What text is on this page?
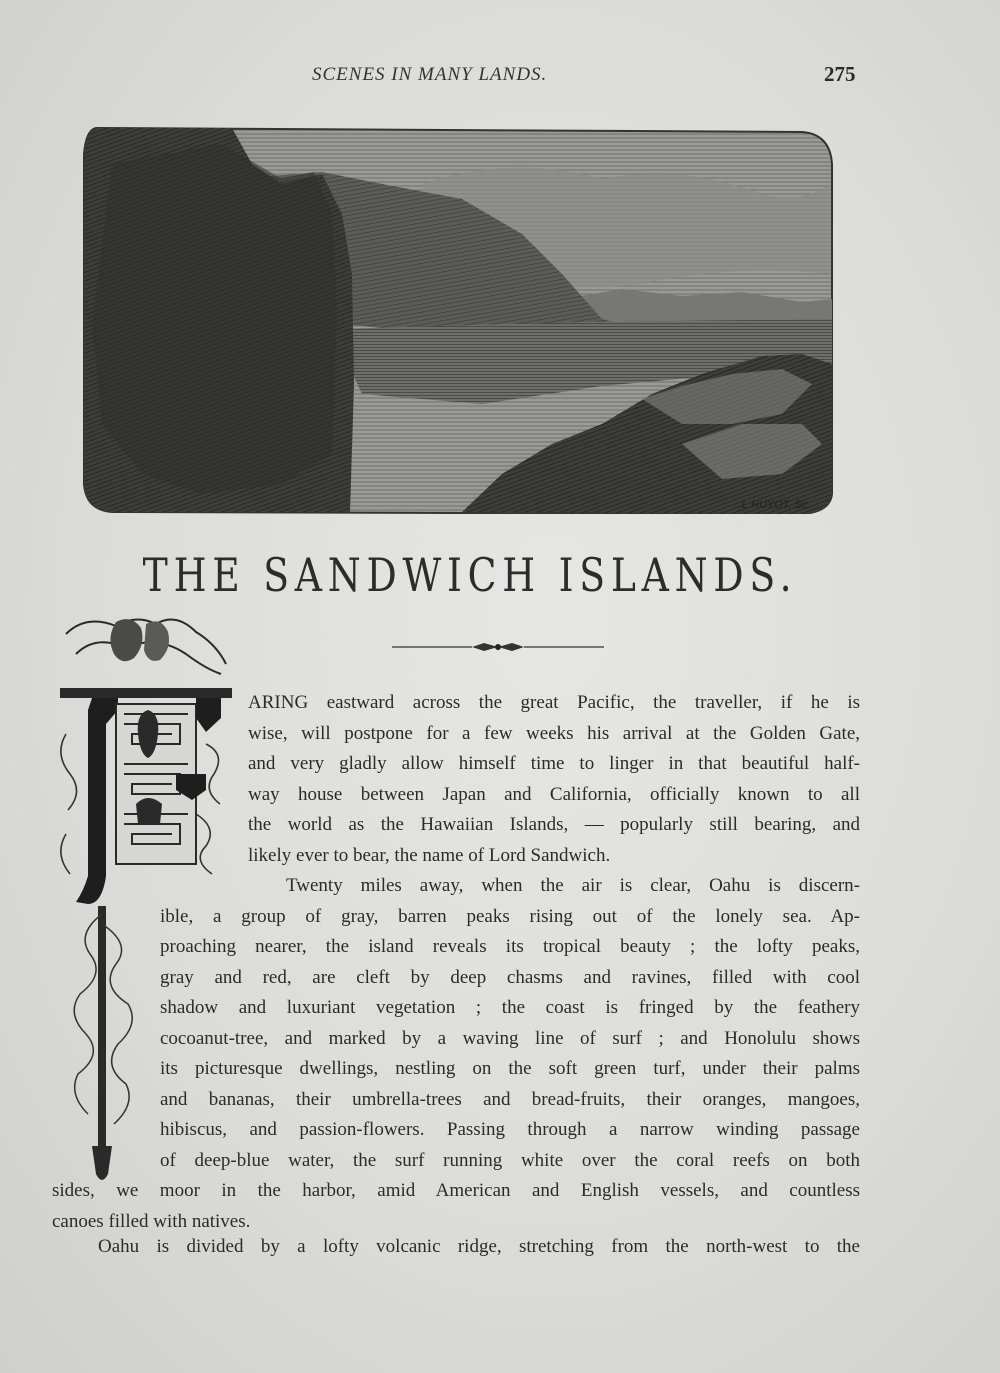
SCENES IN MANY LANDS.	275
L.HUYOT. Sc.
THE SANDWICH ISLANDS.
ARING eastward across the great Pacific, the traveller, if he is
wise, will postpone for a few weeks his arrival at the Golden Gate,
and very gladly allow himself time to linger in that beautiful half-
way house between Japan and California, officially known to all
the world as the Hawaiian Islands, — popularly still bearing, and
likely ever to bear, the name of Lord Sandwich.
Twenty miles away, when the air is clear, Oahu is discern-
ible, a group of gray, barren peaks rising out of the lonely sea. Ap-
proaching nearer, the island reveals its tropical beauty ; the lofty peaks,
gray and red, are cleft by deep chasms and ravines, filled with cool
shadow and luxuriant vegetation ; the coast is fringed by the feathery
cocoanut-tree, and marked by a waving line of surf ; and Honolulu shows
its picturesque dwellings, nestling on the soft green turf, under their palms
and bananas, their umbrella-trees and bread-fruits, their oranges, mangoes,
hibiscus, and passion-flowers. Passing through a narrow winding passage
of deep-blue water, the surf running white over the coral reefs on both
sides, we moor in the harbor, amid American and English vessels, and countless
canoes filled with natives.
Oahu is divided by a lofty volcanic ridge, stretching from the north-west to the
